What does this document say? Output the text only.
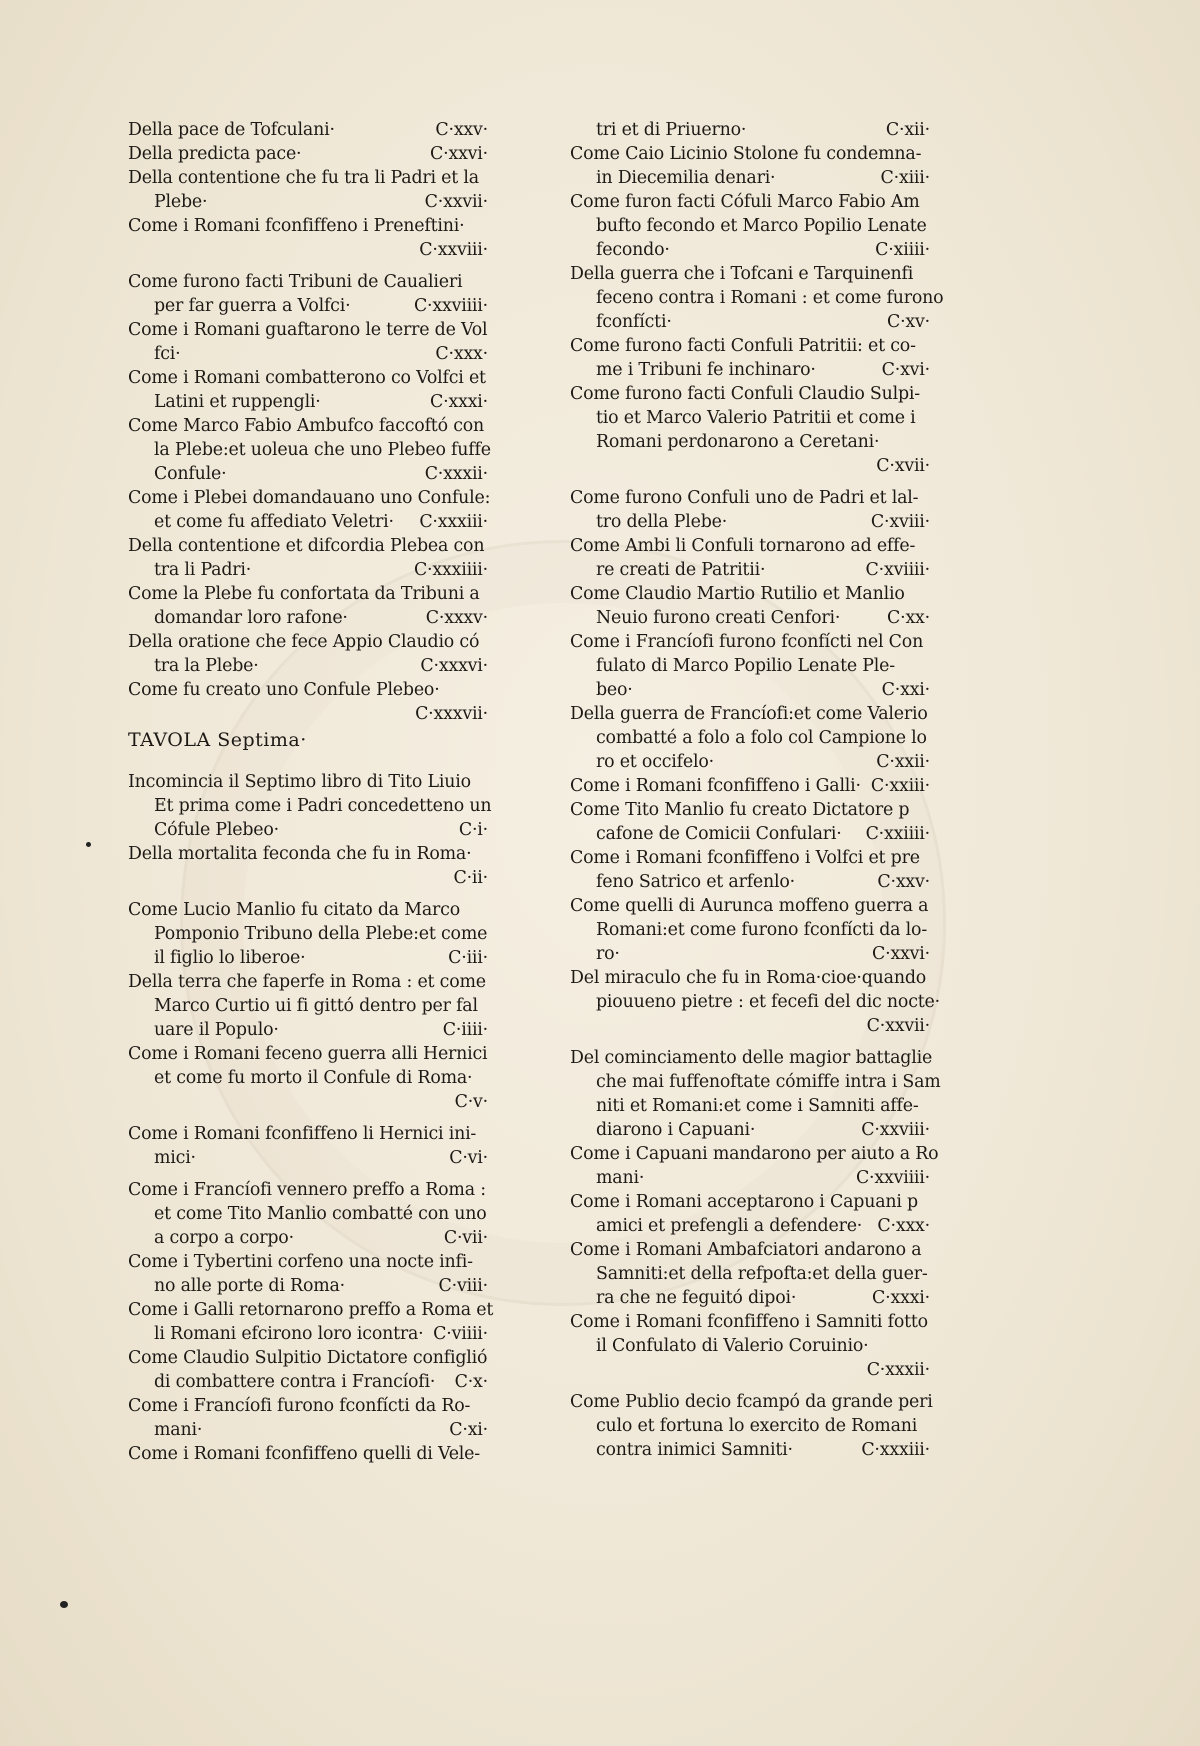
Della pace de Tofculani·	C·xxv·
Della predicta pace·	C·xxvi·
Della contentione che fu tra li Padri et la
Plebe·	C·xxvii·
Come i Romani fconfiffeno i Preneftini·
C·xxviii·
Come furono facti Tribuni de Caualieri
per far guerra a Volfci·	C·xxviiii·
Come i Romani guaftarono le terre de Vol
fci·	C·xxx·
Come i Romani combatterono co Volfci et
Latini et ruppengli·	C·xxxi·
Come Marco Fabio Ambufco faccoftó con
la Plebe:et uoleua che uno Plebeo fuffe
Confule·	C·xxxii·
Come i Plebei domandauano uno Confule:
et come fu affediato Veletri·	C·xxxiii·
Della contentione et difcordia Plebea con
tra li Padri·	C·xxxiiii·
Come la Plebe fu confortata da Tribuni a
domandar loro rafone·	C·xxxv·
Della oratione che fece Appio Claudio có
tra la Plebe·	C·xxxvi·
Come fu creato uno Confule Plebeo·
C·xxxvii·
TAVOLA Septima·
Incomincia il Septimo libro di Tito Liuio
Et prima come i Padri concedetteno un
Cófule Plebeo·	C·i·
Della mortalita feconda che fu in Roma·
C·ii·
Come Lucio Manlio fu citato da Marco
Pomponio Tribuno della Plebe:et come
il figlio lo liberoe·	C·iii·
Della terra che faperfe in Roma : et come
Marco Curtio ui fi gittó dentro per fal
uare il Populo·	C·iiii·
Come i Romani feceno guerra alli Hernici
et come fu morto il Confule di Roma·
C·v·
Come i Romani fconfiffeno li Hernici ini-
mici·	C·vi·
Come i Francíofi vennero preffo a Roma :
et come Tito Manlio combatté con uno
a corpo a corpo·	C·vii·
Come i Tybertini corfeno una nocte infi-
no alle porte di Roma·	C·viii·
Come i Galli retornarono preffo a Roma et
li Romani efcirono loro icontra· C·viiii·
Come Claudio Sulpitio Dictatore configlió
di combattere contra i Francíofi·	C·x·
Come i Francíofi furono fconfícti da Ro-
mani·	C·xi·
Come i Romani fconfiffeno quelli di Vele-
tri et di Priuerno·	C·xii·
Come Caio Licinio Stolone fu condemna-
in Diecemilia denari·	C·xiii·
Come furon facti Cófuli Marco Fabio Am
bufto fecondo et Marco Popilio Lenate
fecondo·	C·xiiii·
Della guerra che i Tofcani e Tarquinenfi
feceno contra i Romani : et come furono
fconfícti·	C·xv·
Come furono facti Confuli Patritii: et co-
me i Tribuni fe inchinaro·	C·xvi·
Come furono facti Confuli Claudio Sulpi-
tio et Marco Valerio Patritii et come i
Romani perdonarono a Ceretani·
C·xvii·
Come furono Confuli uno de Padri et lal-
tro della Plebe·	C·xviii·
Come Ambi li Confuli tornarono ad effe-
re creati de Patritii·	C·xviiii·
Come Claudio Martio Rutilio et Manlio
Neuio furono creati Cenfori·	C·xx·
Come i Francíofi furono fconfícti nel Con
fulato di Marco Popilio Lenate Ple-
beo·	C·xxi·
Della guerra de Francíofi:et come Valerio
combatté a folo a folo col Campione lo
ro et occifelo·	C·xxii·
Come i Romani fconfiffeno i Galli· C·xxiii·
Come Tito Manlio fu creato Dictatore p
cafone de Comicii Confulari·	C·xxiiii·
Come i Romani fconfiffeno i Volfci et pre
feno Satrico et arfenlo·	C·xxv·
Come quelli di Aurunca moffeno guerra a
Romani:et come furono fconfícti da lo-
ro·	C·xxvi·
Del miraculo che fu in Roma·cioe·quando
piouueno pietre : et fecefi del dic nocte·
C·xxvii·
Del cominciamento delle magior battaglie
che mai fuffenoftate cómiffe intra i Sam
niti et Romani:et come i Samniti affe-
diarono i Capuani·	C·xxviii·
Come i Capuani mandarono per aiuto a Ro
mani·	C·xxviiii·
Come i Romani acceptarono i Capuani p
amici et prefengli a defendere· C·xxx·
Come i Romani Ambafciatori andarono a
Samniti:et della refpofta:et della guer-
ra che ne feguitó dipoi·	C·xxxi·
Come i Romani fconfiffeno i Samniti fotto
il Confulato di Valerio Coruinio·
C·xxxii·
Come Publio decio fcampó da grande peri
culo et fortuna lo exercito de Romani
contra inimici Samniti·	C·xxxiii·
